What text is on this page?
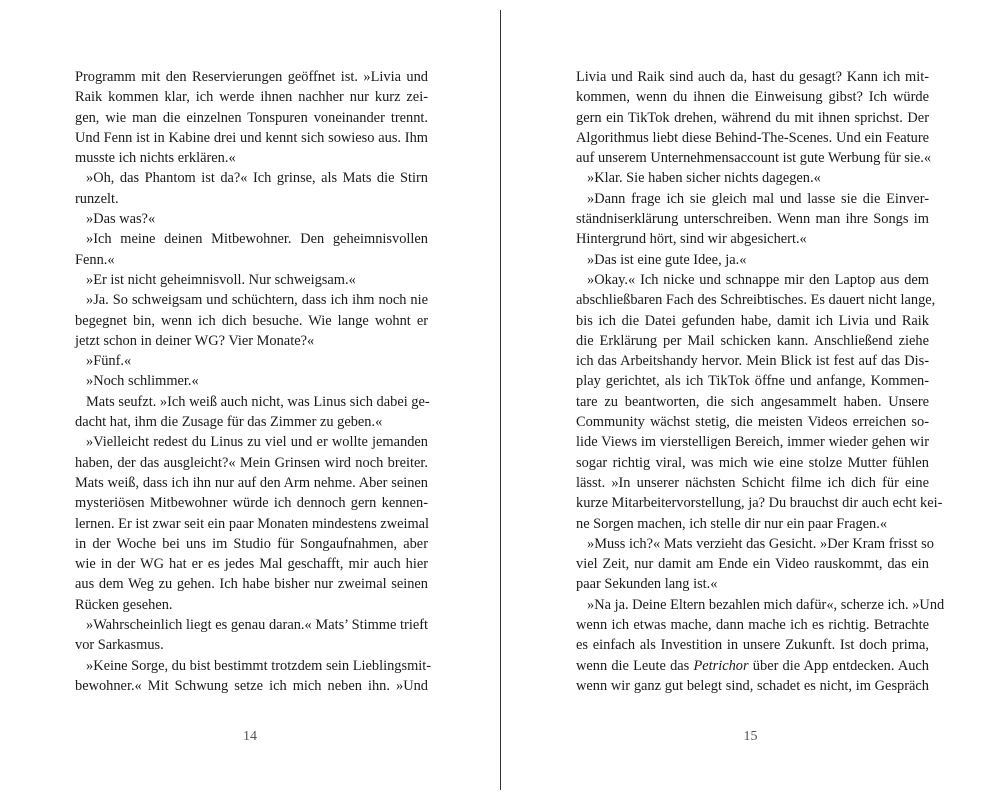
Programm mit den Reservierungen geöffnet ist. »Livia und
Raik kommen klar, ich werde ihnen nachher nur kurz zei-
gen, wie man die einzelnen Tonspuren voneinander trennt.
Und Fenn ist in Kabine drei und kennt sich sowieso aus. Ihm
musste ich nichts erklären.«
»Oh, das Phantom ist da?« Ich grinse, als Mats die Stirn
runzelt.
»Das was?«
»Ich meine deinen Mitbewohner. Den geheimnisvollen
Fenn.«
»Er ist nicht geheimnisvoll. Nur schweigsam.«
»Ja. So schweigsam und schüchtern, dass ich ihm noch nie
begegnet bin, wenn ich dich besuche. Wie lange wohnt er
jetzt schon in deiner WG? Vier Monate?«
»Fünf.«
»Noch schlimmer.«
Mats seufzt. »Ich weiß auch nicht, was Linus sich dabei ge-
dacht hat, ihm die Zusage für das Zimmer zu geben.«
»Vielleicht redest du Linus zu viel und er wollte jemanden
haben, der das ausgleicht?« Mein Grinsen wird noch breiter.
Mats weiß, dass ich ihn nur auf den Arm nehme. Aber seinen
mysteriösen Mitbewohner würde ich dennoch gern kennen-
lernen. Er ist zwar seit ein paar Monaten mindestens zweimal
in der Woche bei uns im Studio für Songaufnahmen, aber
wie in der WG hat er es jedes Mal geschafft, mir auch hier
aus dem Weg zu gehen. Ich habe bisher nur zweimal seinen
Rücken gesehen.
»Wahrscheinlich liegt es genau daran.« Mats’ Stimme trieft
vor Sarkasmus.
»Keine Sorge, du bist bestimmt trotzdem sein Lieblingsmit-
bewohner.« Mit Schwung setze ich mich neben ihn. »Und
14
Livia und Raik sind auch da, hast du gesagt? Kann ich mit-
kommen, wenn du ihnen die Einweisung gibst? Ich würde
gern ein TikTok drehen, während du mit ihnen sprichst. Der
Algorithmus liebt diese Behind-The-Scenes. Und ein Feature
auf unserem Unternehmensaccount ist gute Werbung für sie.«
»Klar. Sie haben sicher nichts dagegen.«
»Dann frage ich sie gleich mal und lasse sie die Einver-
ständniserklärung unterschreiben. Wenn man ihre Songs im
Hintergrund hört, sind wir abgesichert.«
»Das ist eine gute Idee, ja.«
»Okay.« Ich nicke und schnappe mir den Laptop aus dem
abschließbaren Fach des Schreibtisches. Es dauert nicht lange,
bis ich die Datei gefunden habe, damit ich Livia und Raik
die Erklärung per Mail schicken kann. Anschließend ziehe
ich das Arbeitshandy hervor. Mein Blick ist fest auf das Dis-
play gerichtet, als ich TikTok öffne und anfange, Kommen-
tare zu beantworten, die sich angesammelt haben. Unsere
Community wächst stetig, die meisten Videos erreichen so-
lide Views im vierstelligen Bereich, immer wieder gehen wir
sogar richtig viral, was mich wie eine stolze Mutter fühlen
lässt. »In unserer nächsten Schicht filme ich dich für eine
kurze Mitarbeitervorstellung, ja? Du brauchst dir auch echt kei-
ne Sorgen machen, ich stelle dir nur ein paar Fragen.«
»Muss ich?« Mats verzieht das Gesicht. »Der Kram frisst so
viel Zeit, nur damit am Ende ein Video rauskommt, das ein
paar Sekunden lang ist.«
»Na ja. Deine Eltern bezahlen mich dafür«, scherze ich. »Und
wenn ich etwas mache, dann mache ich es richtig. Betrachte
es einfach als Investition in unsere Zukunft. Ist doch prima,
wenn die Leute das Petrichor über die App entdecken. Auch
wenn wir ganz gut belegt sind, schadet es nicht, im Gespräch
15
